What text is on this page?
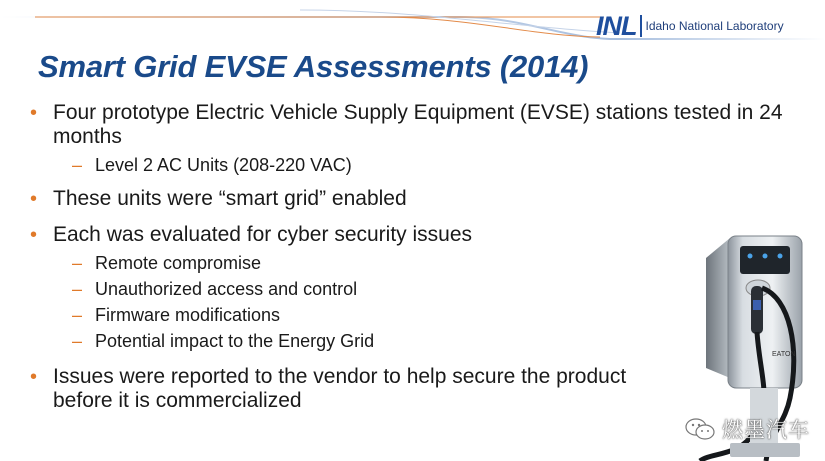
INL Idaho National Laboratory
Smart Grid EVSE Assessments (2014)
• Four prototype Electric Vehicle Supply Equipment (EVSE) stations tested in 24 months
– Level 2 AC Units (208-220 VAC)
• These units were “smart grid” enabled
• Each was evaluated for cyber security issues
– Remote compromise
– Unauthorized access and control
– Firmware modifications
– Potential impact to the Energy Grid
• Issues were reported to the vendor to help secure the product before it is commercialized
EATON
燃墨汽车
